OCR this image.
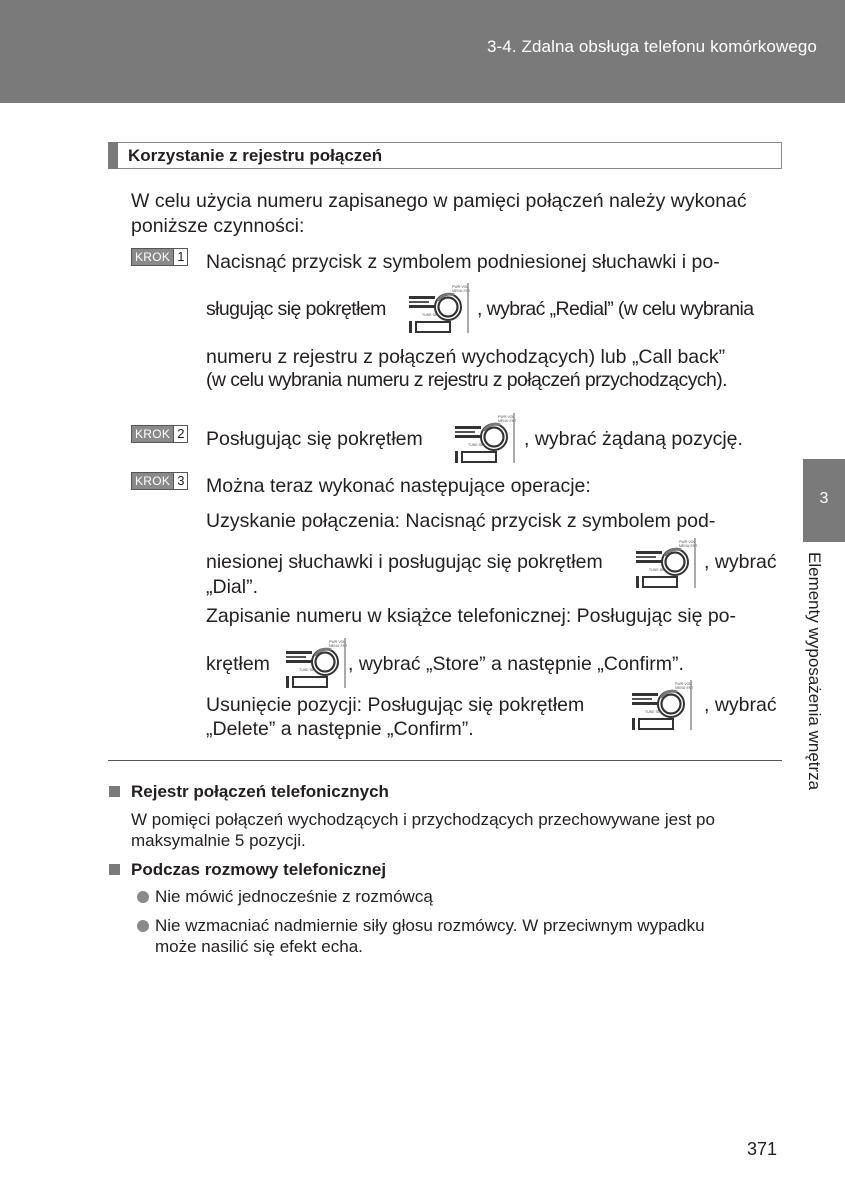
3-4. Zdalna obsługa telefonu komórkowego
3
Elementy wyposażenia wnętrza
Korzystanie z rejestru połączeń
W celu użycia numeru zapisanego w pamięci połączeń należy wykonać
poniższe czynności:
KROK 1 Nacisnąć przycisk z symbolem podniesionej słuchawki i po-
sługując się pokrętłem	, wybrać „Redial” (w celu wybrania
numeru z rejestru z połączeń wychodzących) lub „Call back”
(w celu wybrania numeru z rejestru z połączeń przychodzących).
KROK 2 Posługując się pokrętłem	, wybrać żądaną pozycję.
KROK 3 Można teraz wykonać następujące operacje:
Uzyskanie połączenia: Nacisnąć przycisk z symbolem pod-
niesionej słuchawki i posługując się pokrętłem	, wybrać
„Dial”.
Zapisanie numeru w książce telefonicznej: Posługując się po-
krętłem	, wybrać „Store” a następnie „Confirm”.
Usunięcie pozycji: Posługując się pokrętłem	, wybrać
„Delete” a następnie „Confirm”.
Rejestr połączeń telefonicznych
W pomięci połączeń wychodzących i przychodzących przechowywane jest po
maksymalnie 5 pozycji.
Podczas rozmowy telefonicznej
Nie mówić jednocześnie z rozmówcą
Nie wzmacniać nadmiernie siły głosu rozmówcy. W przeciwnym wypadku
może nasilić się efekt echa.
371
